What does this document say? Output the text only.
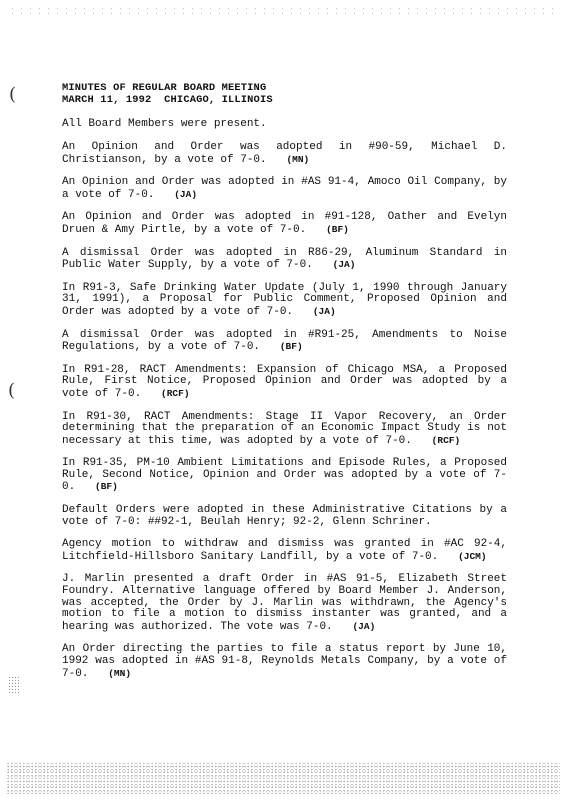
(
(
MINUTES OF REGULAR BOARD MEETING
MARCH 11, 1992  CHICAGO, ILLINOIS
All Board Members were present.
An Opinion and Order was adopted in #90-59, Michael D. Christianson, by a vote of 7-0. (MN)
An Opinion and Order was adopted in #AS 91-4, Amoco Oil Company, by a vote of 7-0. (JA)
An Opinion and Order was adopted in #91-128, Oather and Evelyn Druen & Amy Pirtle, by a vote of 7-0. (BF)
A dismissal Order was adopted in R86-29, Aluminum Standard in Public Water Supply, by a vote of 7-0. (JA)
In R91-3, Safe Drinking Water Update (July 1, 1990 through January 31, 1991), a Proposal for Public Comment, Proposed Opinion and Order was adopted by a vote of 7-0. (JA)
A dismissal Order was adopted in #R91-25, Amendments to Noise Regulations, by a vote of 7-0. (BF)
In R91-28, RACT Amendments: Expansion of Chicago MSA, a Proposed Rule, First Notice, Proposed Opinion and Order was adopted by a vote of 7-0. (RCF)
In R91-30, RACT Amendments: Stage II Vapor Recovery, an Order determining that the preparation of an Economic Impact Study is not necessary at this time, was adopted by a vote of 7-0. (RCF)
In R91-35, PM-10 Ambient Limitations and Episode Rules, a Proposed Rule, Second Notice, Opinion and Order was adopted by a vote of 7-0. (BF)
Default Orders were adopted in these Administrative Citations by a vote of 7-0: ##92-1, Beulah Henry; 92-2, Glenn Schriner.
Agency motion to withdraw and dismiss was granted in #AC 92-4, Litchfield-Hillsboro Sanitary Landfill, by a vote of 7-0. (JCM)
J. Marlin presented a draft Order in #AS 91-5, Elizabeth Street Foundry. Alternative language offered by Board Member J. Anderson, was accepted, the Order by J. Marlin was withdrawn, the Agency's motion to file a motion to dismiss instanter was granted, and a hearing was authorized. The vote was 7-0. (JA)
An Order directing the parties to file a status report by June 10, 1992 was adopted in #AS 91-8, Reynolds Metals Company, by a vote of 7-0. (MN)
